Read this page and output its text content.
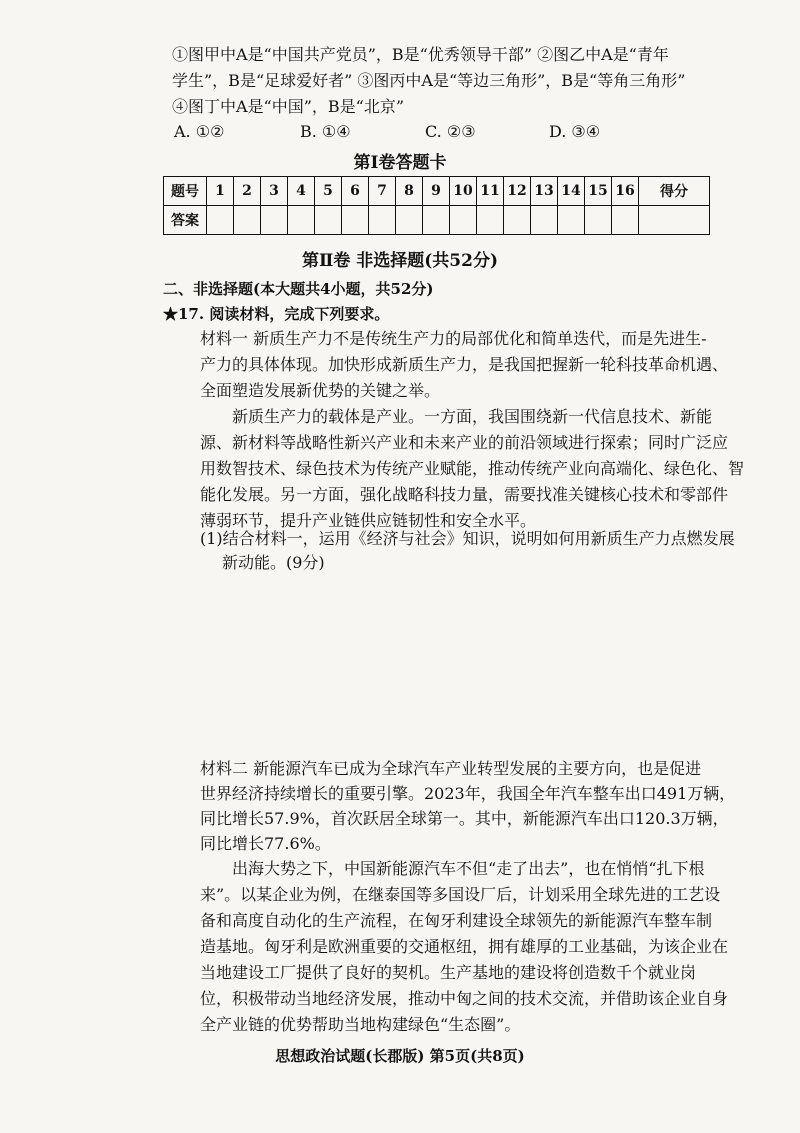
①图甲中A是“中国共产党员”，B是“优秀领导干部” ②图乙中A是“青年
学生”，B是“足球爱好者” ③图丙中A是“等边三角形”，B是“等角三角形”
④图丁中A是“中国”，B是“北京”
A. ①②	B. ①④	C. ②③	D. ③④
第Ⅰ卷答题卡
题号	1	2	3	4	5	6	7	8	9	10	11	12	13	14	15	16	得分
答案																	
第Ⅱ卷 非选择题(共52分)
二、非选择题(本大题共4小题，共52分)
★17. 阅读材料，完成下列要求。
材料一 新质生产力不是传统生产力的局部优化和简单迭代，而是先进生-
产力的具体体现。加快形成新质生产力，是我国把握新一轮科技革命机遇、
全面塑造发展新优势的关键之举。
新质生产力的载体是产业。一方面，我国围绕新一代信息技术、新能
源、新材料等战略性新兴产业和未来产业的前沿领域进行探索；同时广泛应
用数智技术、绿色技术为传统产业赋能，推动传统产业向高端化、绿色化、智
能化发展。另一方面，强化战略科技力量，需要找准关键核心技术和零部件
薄弱环节，提升产业链供应链韧性和安全水平。
(1)结合材料一，运用《经济与社会》知识，说明如何用新质生产力点燃发展
新动能。(9分)
材料二 新能源汽车已成为全球汽车产业转型发展的主要方向，也是促进
世界经济持续增长的重要引擎。2023年，我国全年汽车整车出口491万辆，
同比增长57.9%，首次跃居全球第一。其中，新能源汽车出口120.3万辆，
同比增长77.6%。
出海大势之下，中国新能源汽车不但“走了出去”，也在悄悄“扎下根
来”。以某企业为例，在继泰国等多国设厂后，计划采用全球先进的工艺设
备和高度自动化的生产流程，在匈牙利建设全球领先的新能源汽车整车制
造基地。匈牙利是欧洲重要的交通枢纽，拥有雄厚的工业基础，为该企业在
当地建设工厂提供了良好的契机。生产基地的建设将创造数千个就业岗
位，积极带动当地经济发展，推动中匈之间的技术交流，并借助该企业自身
全产业链的优势帮助当地构建绿色“生态圈”。
思想政治试题(长郡版) 第5页(共8页)
